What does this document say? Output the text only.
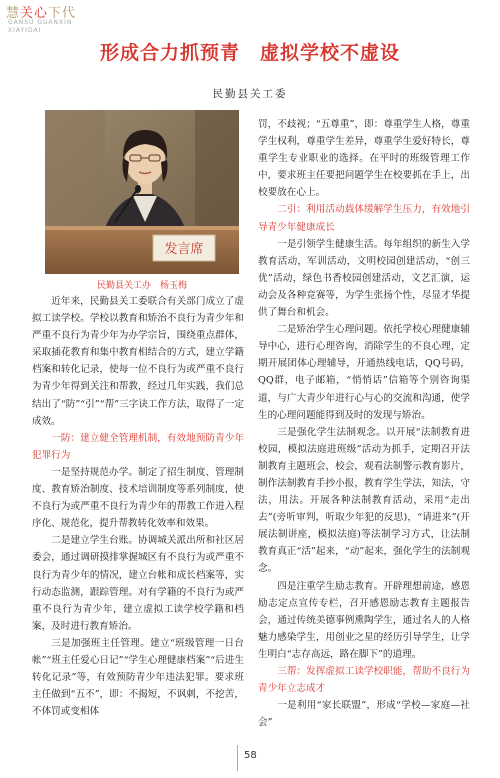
慧关心下代
GANSU GUANXIN
XIAYIDAI
形成合力抓预青　虚拟学校不虚设
民勤县关工委
发言席
民勤县关工办　杨玉梅

近年来，民勤县关工委联合有关部门成立了虚拟工读学校。学校以教育和矫治不良行为青少年和严重不良行为青少年为办学宗旨，围绕重点群体，采取插花教育和集中教育相结合的方式，建立学籍档案和转化记录，使每一位不良行为或严重不良行为青少年得到关注和帮教，经过几年实践，我们总结出了“防”“引”“帮”三字诀工作方法，取得了一定成效。

一防：建立健全管理机制，有效地预防青少年犯罪行为

一是坚持规范办学。制定了招生制度、管理制度、教育矫治制度、技术培训制度等系列制度，使不良行为或严重不良行为青少年的帮教工作进入程序化、规范化，提升帮教转化效率和效果。

二是建立学生台账。协调城关派出所和社区居委会，通过调研摸排掌握城区有不良行为或严重不良行为青少年的情况，建立台帐和成长档案等，实行动态监测，跟踪管理。对有学籍的不良行为或严重不良行为青少年，建立虚拟工读学校学籍和档案，及时进行教育矫治。

三是加强班主任管理。建立“班级管理一日台帐”“班主任爱心日记”“学生心理健康档案”“后进生转化记录”等，有效预防青少年违法犯罪。要求班主任做到“五不”，即：不揭短，不讽刺，不挖苦，不体罚或变相体

罚，不歧视；“五尊重”，即：尊重学生人格，尊重学生权利，尊重学生差异，尊重学生爱好特长，尊重学生专业职业的选择。在平时的班级管理工作中，要求班主任要把问题学生在校要抓在手上，出校要放在心上。

二引：利用活动载体缓解学生压力，有效地引导青少年健康成长

一是引领学生健康生活。每年组织的新生入学教育活动，军训活动，文明校园创建活动，“创三优”活动，绿色书香校园创建活动，文艺汇演，运动会及各种竞赛等，为学生张扬个性，尽显才华提供了舞台和机会。

二是矫治学生心理问题。依托学校心理健康辅导中心，进行心理咨询，消除学生的不良心理，定期开展团体心理辅导，开通热线电话，QQ号码，QQ群，电子邮箱，“悄悄话”信箱等个别咨询渠道，与广大青少年进行心与心的交流和沟通，使学生的心理问题能得到及时的发现与矫治。

三是强化学生法制观念。以开展“法制教育进校园，模拟法庭进班级”活动为抓手，定期召开法制教育主题班会，校会，观看法制警示教育影片，制作法制教育手抄小报，教育学生学法，知法，守法，用法。开展各种法制教育活动，采用“走出去”(旁听审判，听取少年犯的反思)，“请进来”(开展法制讲座，模拟法庭)等法制学习方式，让法制教育真正“活”起来，“动”起来，强化学生的法制观念。

四是注重学生励志教育。开辟理想前途，感恩励志定点宣传专栏，召开感恩励志教育主题报告会，通过传统美德事例熏陶学生，通过名人的人格魅力感染学生，用创业之星的经历引导学生，让学生明白“志存高远，路在脚下”的道理。

三帮：发挥虚拟工读学校职能，帮助不良行为青少年立志成才

一是利用“家长联盟”，形成“学校—家庭—社会”

58
